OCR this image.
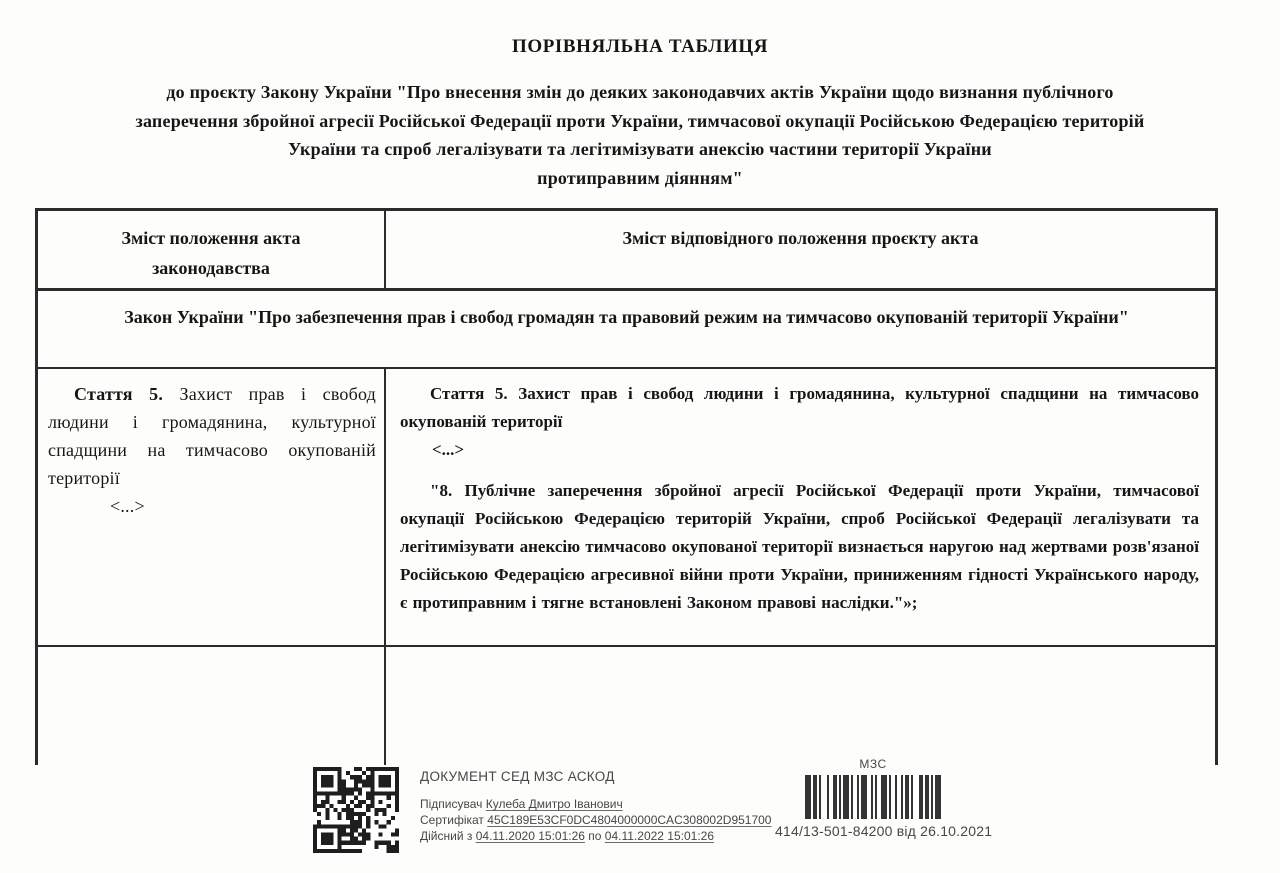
ПОРІВНЯЛЬНА ТАБЛИЦЯ
до проєкту Закону України "Про внесення змін до деяких законодавчих актів України щодо визнання публічного
заперечення збройної агресії Російської Федерації проти України, тимчасової окупації Російською Федерацією територій
України та спроб легалізувати та легітимізувати анексію частини території України
протиправним діянням"
Зміст положення акта законодавства
Зміст відповідного положення проєкту акта
Закон України "Про забезпечення прав і свобод громадян та правовий режим на тимчасово окупованій території України"
Стаття 5. Захист прав і свобод людини і громадянина, культурної спадщини на тимчасово окупованій території
<...>
Стаття 5. Захист прав і свобод людини і громадянина, культурної спадщини на тимчасово окупованій території
<...>
"8. Публічне заперечення збройної агресії Російської Федерації проти України, тимчасової окупації Російською Федерацією територій України, спроб Російської Федерації легалізувати та легітимізувати анексію тимчасово окупованої території визнається наругою над жертвами розв'язаної Російською Федерацією агресивної війни проти України, приниженням гідності Українського народу, є протиправним і тягне встановлені Законом правові наслідки."»;
ДОКУМЕНТ СЕД МЗС АСКОД
Підписувач Кулеба Дмитро Іванович
Сертифікат 45C189E53CF0DC4804000000CAC308002D951700
Дійсний з 04.11.2020 15:01:26 по 04.11.2022 15:01:26
МЗС
414/13-501-84200 від 26.10.2021
